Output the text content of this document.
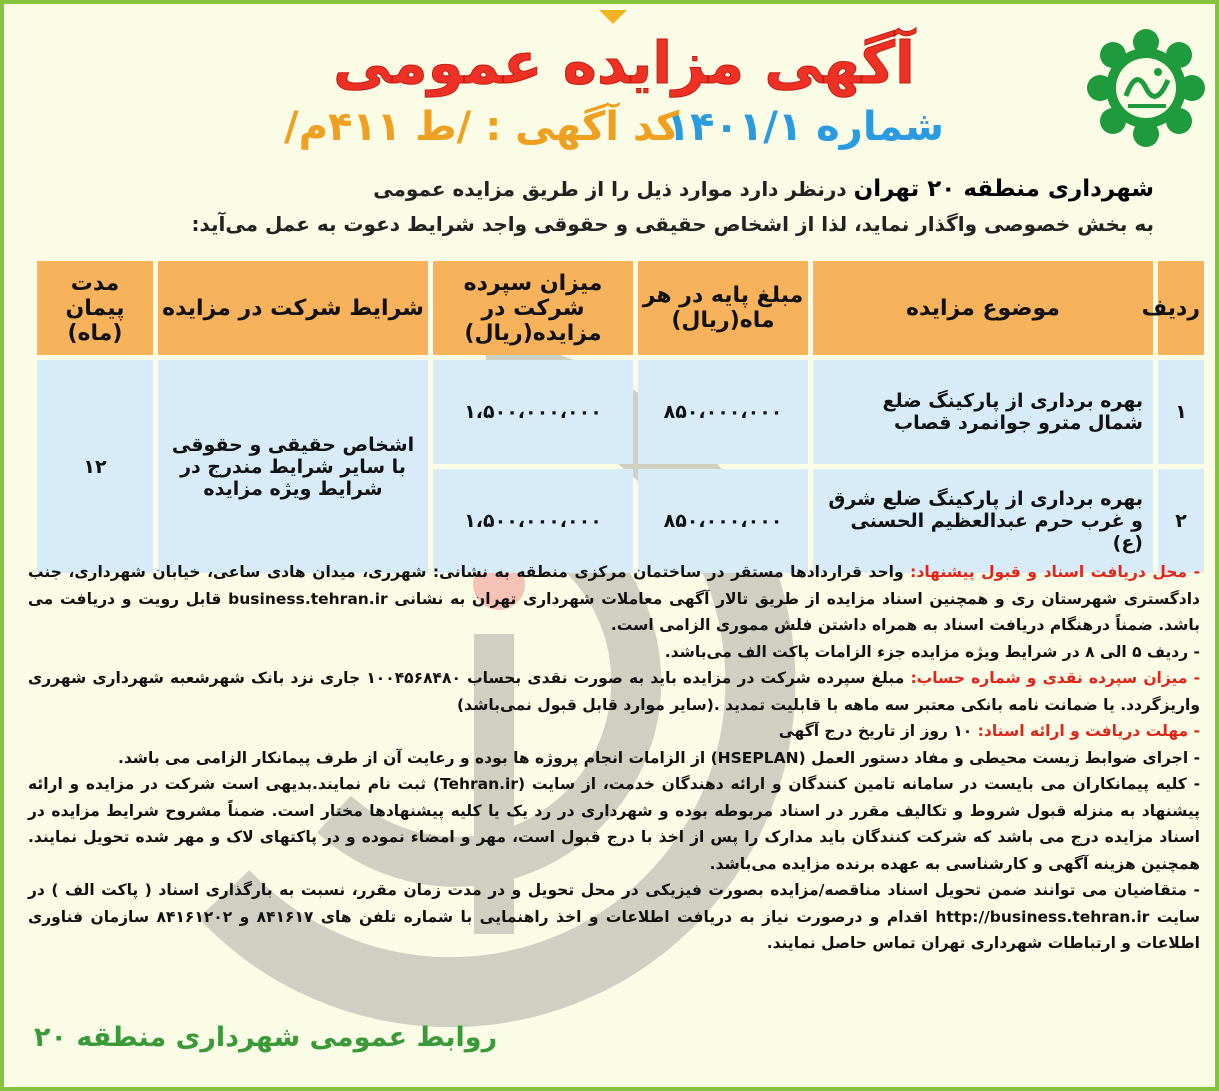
آگهی مزایده عمومی
شماره ۱۴۰۱/۱
کد آگهی : /ط ۴۱۱م/
شهرداری منطقه ۲۰ تهران درنظر دارد موارد ذیل را از طریق مزایده عمومی
به بخش خصوصی واگذار نماید، لذا از اشخاص حقیقی و حقوقی واجد شرایط دعوت به عمل می‌آید:
ردیف	موضوع مزایده	مبلغ پایه در هر ماه(ریال)	میزان سپرده شرکت در مزایده(ریال)	شرایط شرکت در مزایده	مدت پیمان (ماه)
۱	بهره برداری از پارکینگ ضلع شمال مترو جوانمرد قصاب	۸۵۰،۰۰۰،۰۰۰	۱،۵۰۰،۰۰۰،۰۰۰	اشخاص حقیقی و حقوقی با سایر شرایط مندرج در شرایط ویژه مزایده	۱۲
۲	بهره برداری از پارکینگ ضلع شرق و غرب حرم عبدالعظیم الحسنی (ع)	۸۵۰،۰۰۰،۰۰۰	۱،۵۰۰،۰۰۰،۰۰۰		

- محل دریافت اسناد و قبول پیشنهاد: واحد قراردادها مستقر در ساختمان مرکزی منطقه به نشانی: شهرری، میدان هادی ساعی، خیابان شهرداری، جنب دادگستری شهرستان ری و همچنین اسناد مزایده از طریق تالار آگهی معاملات شهرداری تهران به نشانی business.tehran.ir قابل رویت و دریافت می باشد. ضمناً درهنگام دریافت اسناد به همراه داشتن فلش مموری الزامی است.

- ردیف ۵ الی ۸ در شرایط ویژه مزایده جزء الزامات پاکت الف می‌باشد.

- میزان سپرده نقدی و شماره حساب: مبلغ سپرده شرکت در مزایده باید به صورت نقدی بحساب ۱۰۰۴۵۶۸۴۸۰ جاری نزد بانک شهرشعبه شهرداری شهرری واریزگردد. یا ضمانت نامه بانکی معتبر سه ماهه با قابلیت تمدید .(سایر موارد قابل قبول نمی‌باشد)

- مهلت دریافت و ارائه اسناد: ۱۰ روز از تاریخ درج آگهی

- اجرای ضوابط زیست محیطی و مفاد دستور العمل (HSEPLAN) از الزامات انجام پروژه ها بوده و رعایت آن از طرف پیمانکار الزامی می باشد.

- کلیه پیمانکاران می بایست در سامانه تامین کنندگان و ارائه دهندگان خدمت، از سایت (Tehran.ir) ثبت نام نمایند.بدیهی است شرکت در مزایده و ارائه پیشنهاد به منزله قبول شروط و تکالیف مقرر در اسناد مربوطه بوده و شهرداری در رد یک یا کلیه پیشنهادها مختار است. ضمناً مشروح شرایط مزایده در اسناد مزایده درج می باشد که شرکت کنندگان باید مدارک را پس از اخذ با درج قبول است، مهر و امضاء نموده و در پاکتهای لاک و مهر شده تحویل نمایند. همچنین هزینه آگهی و کارشناسی به عهده برنده مزایده می‌باشد.

- متقاضیان می توانند ضمن تحویل اسناد مناقصه/مزایده بصورت فیزیکی در محل تحویل و در مدت زمان مقرر، نسبت به بارگذاری اسناد ( پاکت الف ) در سایت http://business.tehran.ir اقدام و درصورت نیاز به دریافت اطلاعات و اخذ راهنمایی با شماره تلفن های ۸۴۱۶۱۷ و ۸۴۱۶۱۲۰۲ سازمان فناوری اطلاعات و ارتباطات شهرداری تهران تماس حاصل نمایند.

روابط عمومی شهرداری منطقه ۲۰
